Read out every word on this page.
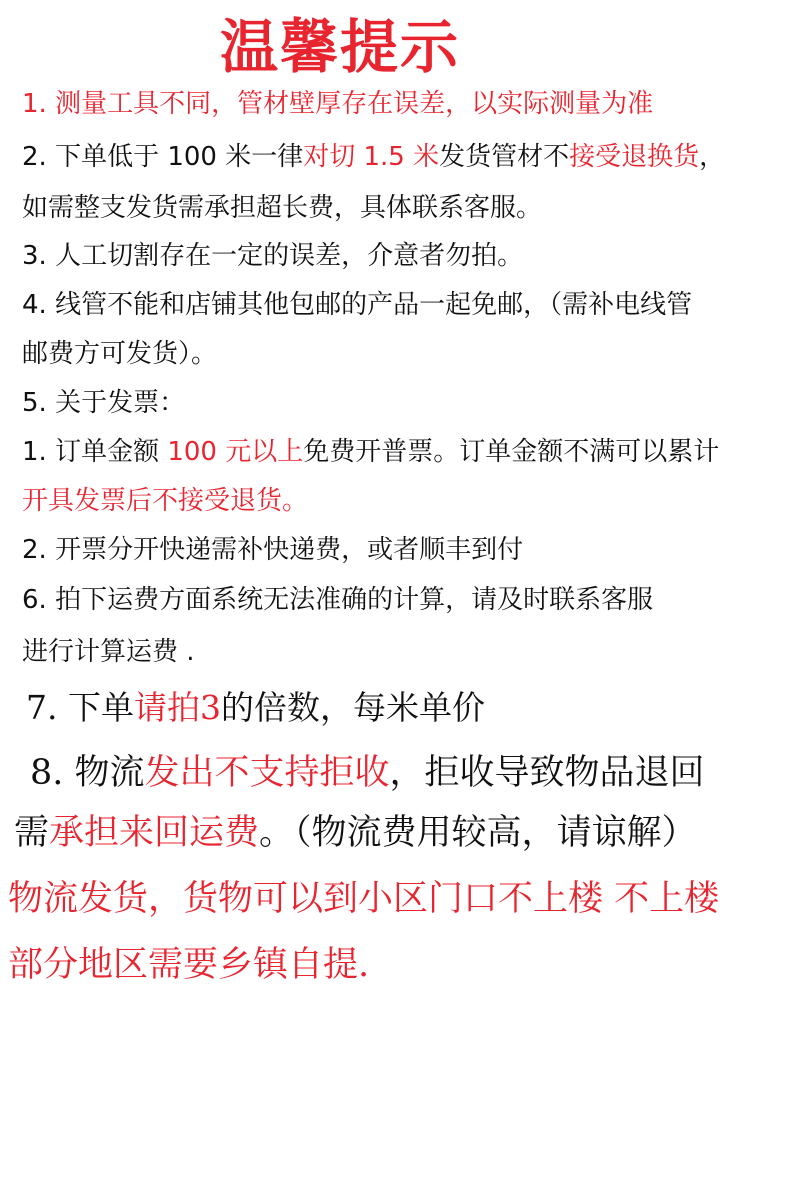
温馨提示
1. 测量工具不同，管材壁厚存在误差，以实际测量为准
2. 下单低于 100 米一律对切 1.5 米发货管材不接受退换货，
如需整支发货需承担超长费，具体联系客服。
3. 人工切割存在一定的误差，介意者勿拍。
4. 线管不能和店铺其他包邮的产品一起免邮，（需补电线管
邮费方可发货）。
5. 关于发票：
1. 订单金额 100 元以上免费开普票。订单金额不满可以累计
开具发票后不接受退货。
2. 开票分开快递需补快递费，或者顺丰到付
6. 拍下运费方面系统无法准确的计算，请及时联系客服
进行计算运费 .
7. 下单请拍3的倍数，每米单价
8. 物流发出不支持拒收，拒收导致物品退回
需承担来回运费。（物流费用较高，请谅解）
物流发货，货物可以到小区门口不上楼 不上楼
部分地区需要乡镇自提.
